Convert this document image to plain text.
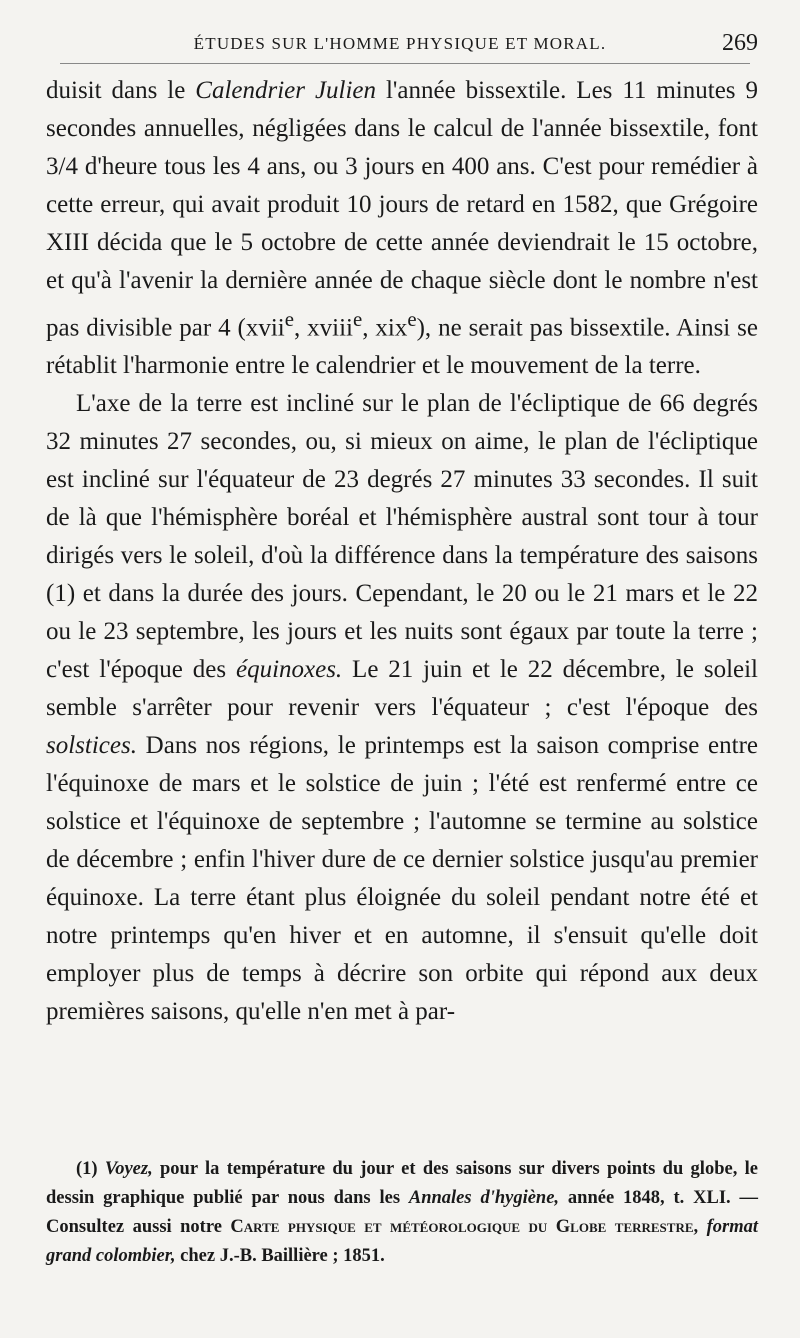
ÉTUDES SUR L'HOMME PHYSIQUE ET MORAL.	269

duisit dans le Calendrier Julien l'année bissextile. Les 11 minutes 9 secondes annuelles, négligées dans le calcul de l'année bissextile, font 3/4 d'heure tous les 4 ans, ou 3 jours en 400 ans. C'est pour remédier à cette erreur, qui avait produit 10 jours de retard en 1582, que Grégoire XIII décida que le 5 octobre de cette année deviendrait le 15 octobre, et qu'à l'avenir la dernière année de chaque siècle dont le nombre n'est pas divisible par 4 (xvii$^e$, xviii$^e$, xix$^e$), ne serait pas bissextile. Ainsi se rétablit l'harmonie entre le calendrier et le mouvement de la terre.

L'axe de la terre est incliné sur le plan de l'écliptique de 66 degrés 32 minutes 27 secondes, ou, si mieux on aime, le plan de l'écliptique est incliné sur l'équateur de 23 degrés 27 minutes 33 secondes. Il suit de là que l'hémisphère boréal et l'hémisphère austral sont tour à tour dirigés vers le soleil, d'où la différence dans la température des saisons (1) et dans la durée des jours. Cependant, le 20 ou le 21 mars et le 22 ou le 23 septembre, les jours et les nuits sont égaux par toute la terre ; c'est l'époque des équinoxes. Le 21 juin et le 22 décembre, le soleil semble s'arrêter pour revenir vers l'équateur ; c'est l'époque des solstices. Dans nos régions, le printemps est la saison comprise entre l'équinoxe de mars et le solstice de juin ; l'été est renfermé entre ce solstice et l'équinoxe de septembre ; l'automne se termine au solstice de décembre ; enfin l'hiver dure de ce dernier solstice jusqu'au premier équinoxe. La terre étant plus éloignée du soleil pendant notre été et notre printemps qu'en hiver et en automne, il s'ensuit qu'elle doit employer plus de temps à décrire son orbite qui répond aux deux premières saisons, qu'elle n'en met à par-

(1) Voyez, pour la température du jour et des saisons sur divers points du globe, le dessin graphique publié par nous dans les Annales d'hygiène, année 1848, t. XLI. — Consultez aussi notre Carte physique et météorologique du Globe terrestre, format grand colombier, chez J.-B. Baillière ; 1851.
